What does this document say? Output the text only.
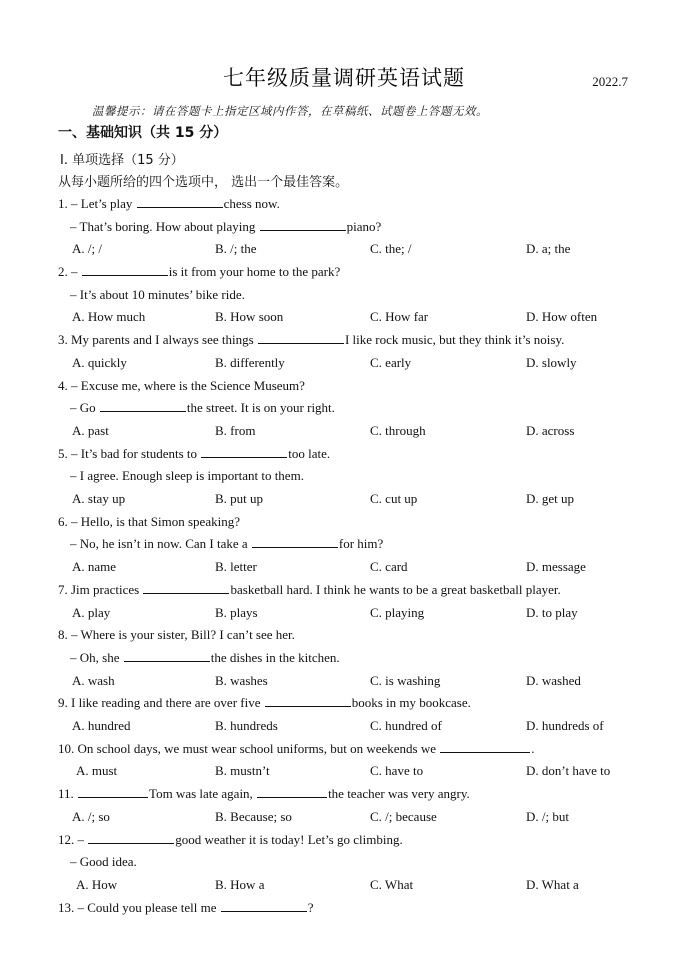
七年级质量调研英语试题	2022.7
温馨提示：请在答题卡上指定区域内作答，在草稿纸、试题卷上答题无效。
一、基础知识（共 15 分）
Ⅰ. 单项选择（15 分）
从每小题所给的四个选项中， 选出一个最佳答案。
1. – Let’s play	chess now.
– That’s boring. How about playing	piano?
A. /; /	B. /; the	C. the; /	D. a; the
2. –	is it from your home to the park?
– It’s about 10 minutes’ bike ride.
A. How much	B. How soon	C. How far	D. How often
3. My parents and I always see things	I like rock music, but they think it’s noisy.
A. quickly	B. differently	C. early	D. slowly
4. – Excuse me, where is the Science Museum?
– Go	the street. It is on your right.
A. past	B. from	C. through	D. across
5. – It’s bad for students to	too late.
– I agree. Enough sleep is important to them.
A. stay up	B. put up	C. cut up	D. get up
6. – Hello, is that Simon speaking?
– No, he isn’t in now. Can I take a	for him?
A. name	B. letter	C. card	D. message
7. Jim practices	basketball hard. I think he wants to be a great basketball player.
A. play	B. plays	C. playing	D. to play
8. – Where is your sister, Bill? I can’t see her.
– Oh, she	the dishes in the kitchen.
A. wash	B. washes	C. is washing	D. washed
9. I like reading and there are over five	books in my bookcase.
A. hundred	B. hundreds	C. hundred of	D. hundreds of
10. On school days, we must wear school uniforms, but on weekends we	.
A. must	B. mustn’t	C. have to	D. don’t have to
11.	Tom was late again,	the teacher was very angry.
A. /; so	B. Because; so	C. /; because	D. /; but
12. –	good weather it is today! Let’s go climbing.
– Good idea.
A. How	B. How a	C. What	D. What a
13. – Could you please tell me	?
